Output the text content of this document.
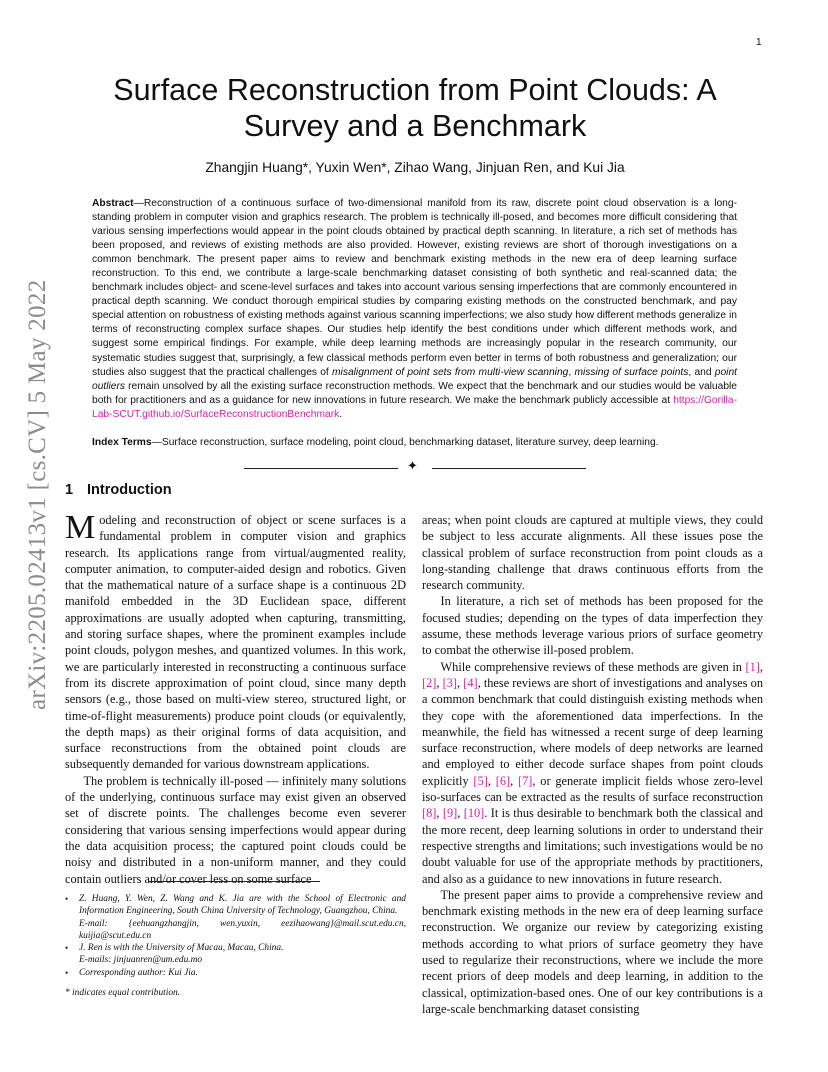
1
arXiv:2205.02413v1 [cs.CV] 5 May 2022
Surface Reconstruction from Point Clouds: A Survey and a Benchmark
Zhangjin Huang*, Yuxin Wen*, Zihao Wang, Jinjuan Ren, and Kui Jia
Abstract—Reconstruction of a continuous surface of two-dimensional manifold from its raw, discrete point cloud observation is a long-standing problem in computer vision and graphics research. The problem is technically ill-posed, and becomes more difficult considering that various sensing imperfections would appear in the point clouds obtained by practical depth scanning. In literature, a rich set of methods has been proposed, and reviews of existing methods are also provided. However, existing reviews are short of thorough investigations on a common benchmark. The present paper aims to review and benchmark existing methods in the new era of deep learning surface reconstruction. To this end, we contribute a large-scale benchmarking dataset consisting of both synthetic and real-scanned data; the benchmark includes object- and scene-level surfaces and takes into account various sensing imperfections that are commonly encountered in practical depth scanning. We conduct thorough empirical studies by comparing existing methods on the constructed benchmark, and pay special attention on robustness of existing methods against various scanning imperfections; we also study how different methods generalize in terms of reconstructing complex surface shapes. Our studies help identify the best conditions under which different methods work, and suggest some empirical findings. For example, while deep learning methods are increasingly popular in the research community, our systematic studies suggest that, surprisingly, a few classical methods perform even better in terms of both robustness and generalization; our studies also suggest that the practical challenges of misalignment of point sets from multi-view scanning, missing of surface points, and point outliers remain unsolved by all the existing surface reconstruction methods. We expect that the benchmark and our studies would be valuable both for practitioners and as a guidance for new innovations in future research. We make the benchmark publicly accessible at https://Gorilla-Lab-SCUT.github.io/SurfaceReconstructionBenchmark.
Index Terms—Surface reconstruction, surface modeling, point cloud, benchmarking dataset, literature survey, deep learning.
✦
1 Introduction

Modeling and reconstruction of object or scene surfaces is a fundamental problem in computer vision and graphics research. Its applications range from virtual/augmented reality, computer animation, to computer-aided design and robotics. Given that the mathematical nature of a surface shape is a continuous 2D manifold embedded in the 3D Euclidean space, different approximations are usually adopted when capturing, transmitting, and storing surface shapes, where the prominent examples include point clouds, polygon meshes, and quantized volumes. In this work, we are particularly interested in reconstructing a continuous surface from its discrete approximation of point cloud, since many depth sensors (e.g., those based on multi-view stereo, structured light, or time-of-flight measurements) produce point clouds (or equivalently, the depth maps) as their original forms of data acquisition, and surface reconstructions from the obtained point clouds are subsequently demanded for various downstream applications.

The problem is technically ill-posed — infinitely many solutions of the underlying, continuous surface may exist given an observed set of discrete points. The challenges become even severer considering that various sensing imperfections would appear during the data acquisition process; the captured point clouds could be noisy and distributed in a non-uniform manner, and they could contain outliers and/or cover less on some surface

areas; when point clouds are captured at multiple views, they could be subject to less accurate alignments. All these issues pose the classical problem of surface reconstruction from point clouds as a long-standing challenge that draws continuous efforts from the research community.

In literature, a rich set of methods has been proposed for the focused studies; depending on the types of data imperfection they assume, these methods leverage various priors of surface geometry to combat the otherwise ill-posed problem.

While comprehensive reviews of these methods are given in [1], [2], [3], [4], these reviews are short of investigations and analyses on a common benchmark that could distinguish existing methods when they cope with the aforementioned data imperfections. In the meanwhile, the field has witnessed a recent surge of deep learning surface reconstruction, where models of deep networks are learned and employed to either decode surface shapes from point clouds explicitly [5], [6], [7], or generate implicit fields whose zero-level iso-surfaces can be extracted as the results of surface reconstruction [8], [9], [10]. It is thus desirable to benchmark both the classical and the more recent, deep learning solutions in order to understand their respective strengths and limitations; such investigations would be no doubt valuable for use of the appropriate methods by practitioners, and also as a guidance to new innovations in future research.

The present paper aims to provide a comprehensive review and benchmark existing methods in the new era of deep learning surface reconstruction. We organize our review by categorizing existing methods according to what priors of surface geometry they have used to regularize their reconstructions, where we include the more recent priors of deep models and deep learning, in addition to the classical, optimization-based ones. One of our key contributions is a large-scale benchmarking dataset consisting

• Z. Huang, Y. Wen, Z. Wang and K. Jia are with the School of Electronic and Information Engineering, South China University of Technology, Guangzhou, China.
E-mail: {eehuangzhangjin, wen.yuxin, eezihaowang}@mail.scut.edu.cn, kuijia@scut.edu.cn
• J. Ren is with the University of Macau, Macau, China.
E-mails: jinjuanren@um.edu.mo
• Corresponding author: Kui Jia.
* indicates equal contribution.
